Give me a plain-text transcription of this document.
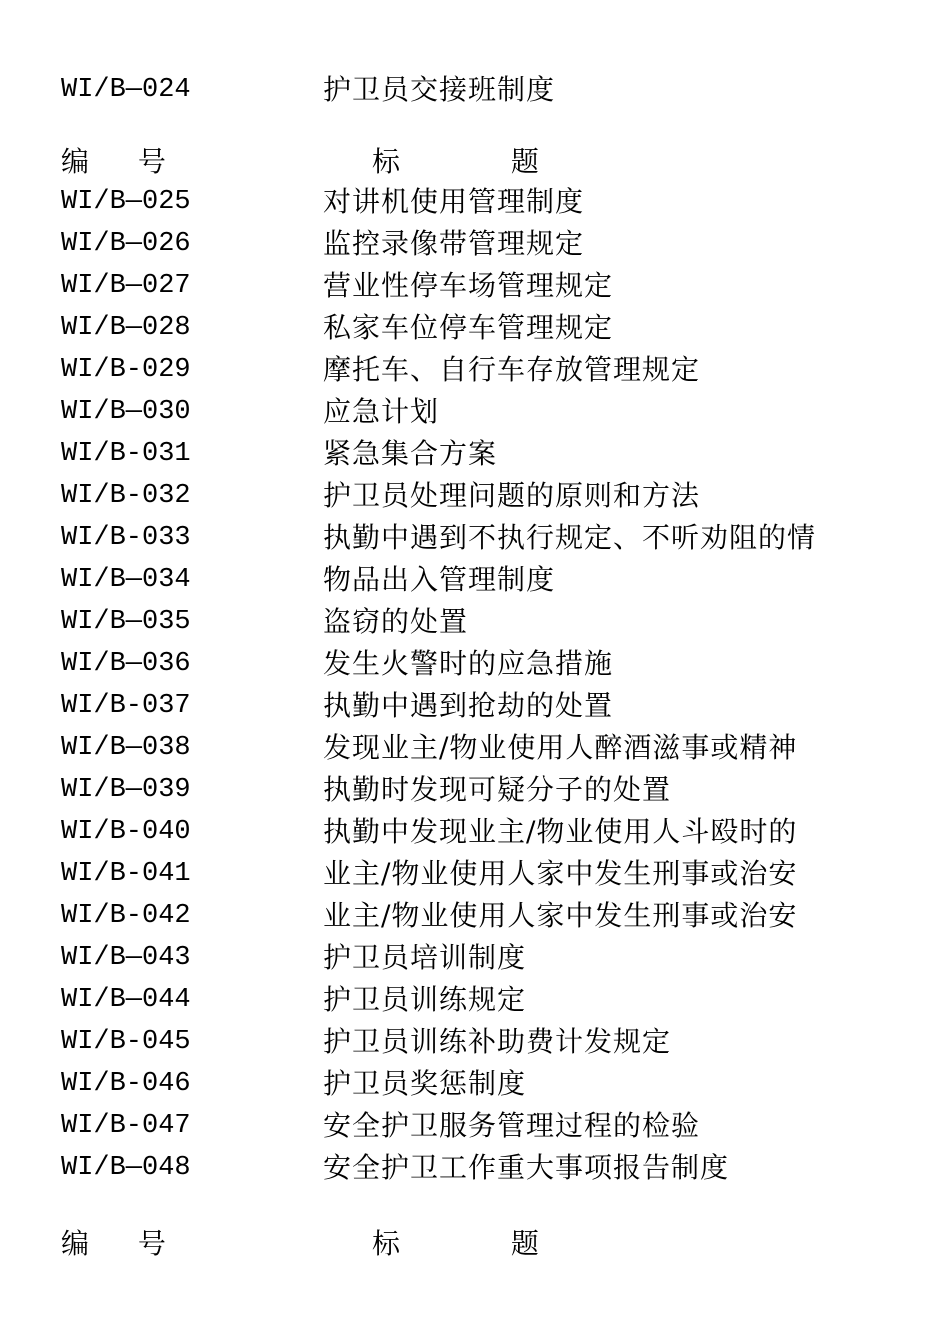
WI/B—024	护卫员交接班制度
编 号	标 题
WI/B—025	对讲机使用管理制度
WI/B—026	监控录像带管理规定
WI/B—027	营业性停车场管理规定
WI/B—028	私家车位停车管理规定
WI/B-029	摩托车、自行车存放管理规定
WI/B—030	应急计划
WI/B-031	紧急集合方案
WI/B-032	护卫员处理问题的原则和方法
WI/B-033	执勤中遇到不执行规定、不听劝阻的情
WI/B—034	物品出入管理制度
WI/B—035	盗窃的处置
WI/B—036	发生火警时的应急措施
WI/B-037	执勤中遇到抢劫的处置
WI/B—038	发现业主/物业使用人醉酒滋事或精神
WI/B—039	执勤时发现可疑分子的处置
WI/B-040	执勤中发现业主/物业使用人斗殴时的
WI/B-041	业主/物业使用人家中发生刑事或治安
WI/B-042	业主/物业使用人家中发生刑事或治安
WI/B—043	护卫员培训制度
WI/B—044	护卫员训练规定
WI/B-045	护卫员训练补助费计发规定
WI/B-046	护卫员奖惩制度
WI/B-047	安全护卫服务管理过程的检验
WI/B—048	安全护卫工作重大事项报告制度
编 号	标 题
